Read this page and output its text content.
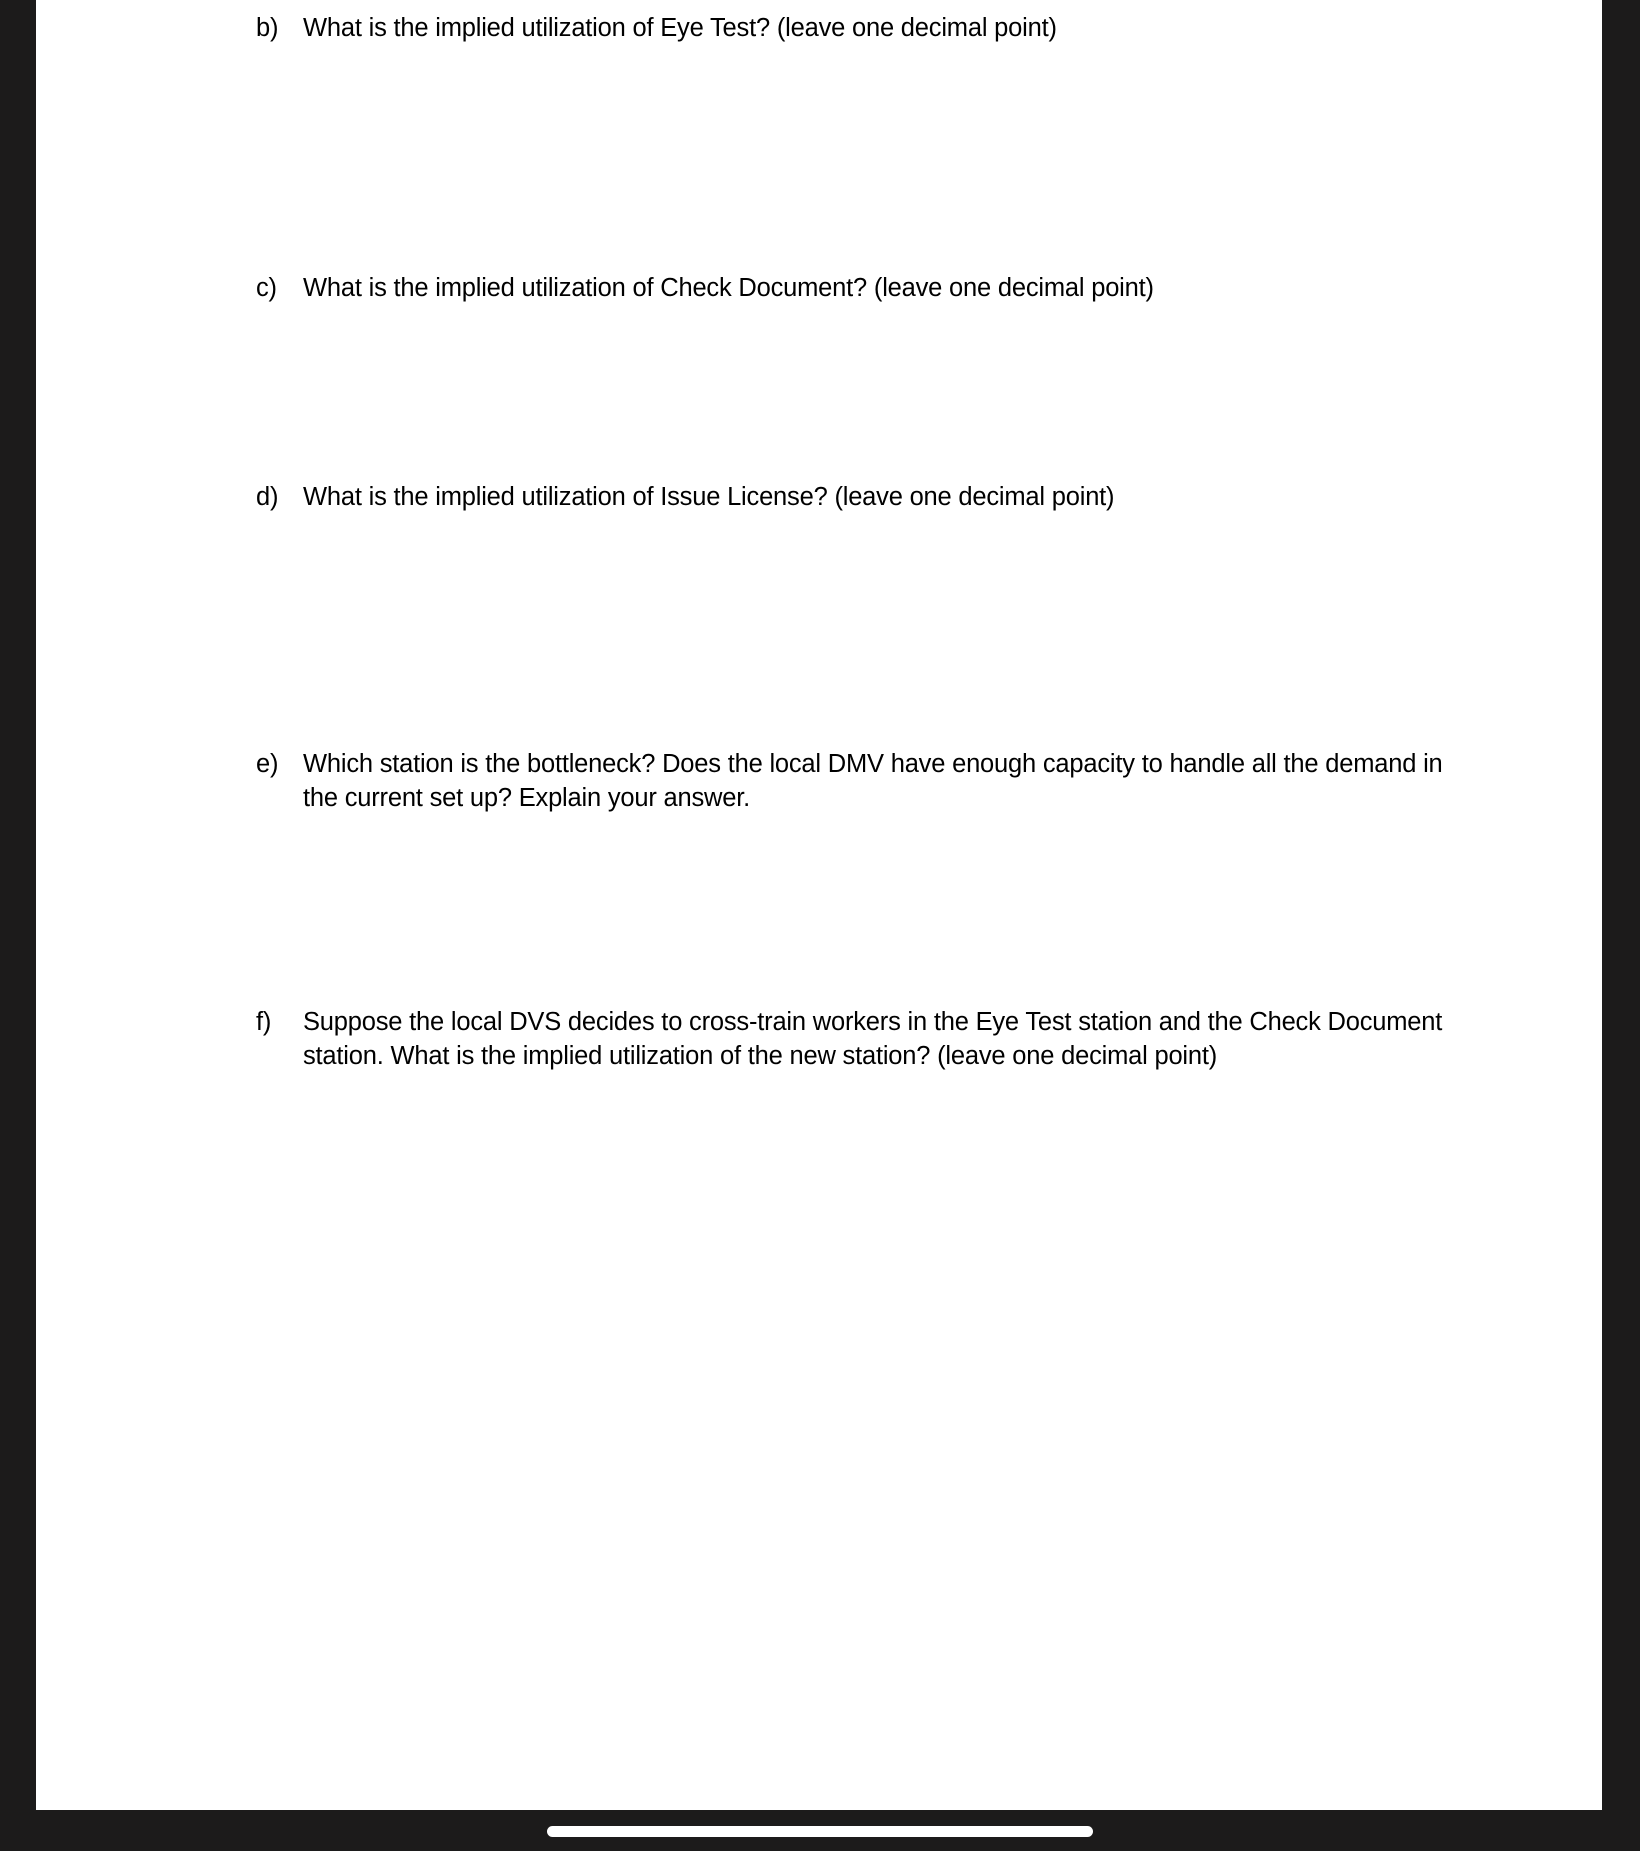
b) What is the implied utilization of Eye Test? (leave one decimal point)
c)	What is the implied utilization of Check Document? (leave one decimal point)
d) What is the implied utilization of Issue License? (leave one decimal point)
e) Which station is the bottleneck? Does the local DMV have enough capacity to handle all the demand in the current set up? Explain your answer.
f)	Suppose the local DVS decides to cross-train workers in the Eye Test station and the Check Document station. What is the implied utilization of the new station? (leave one decimal point)
